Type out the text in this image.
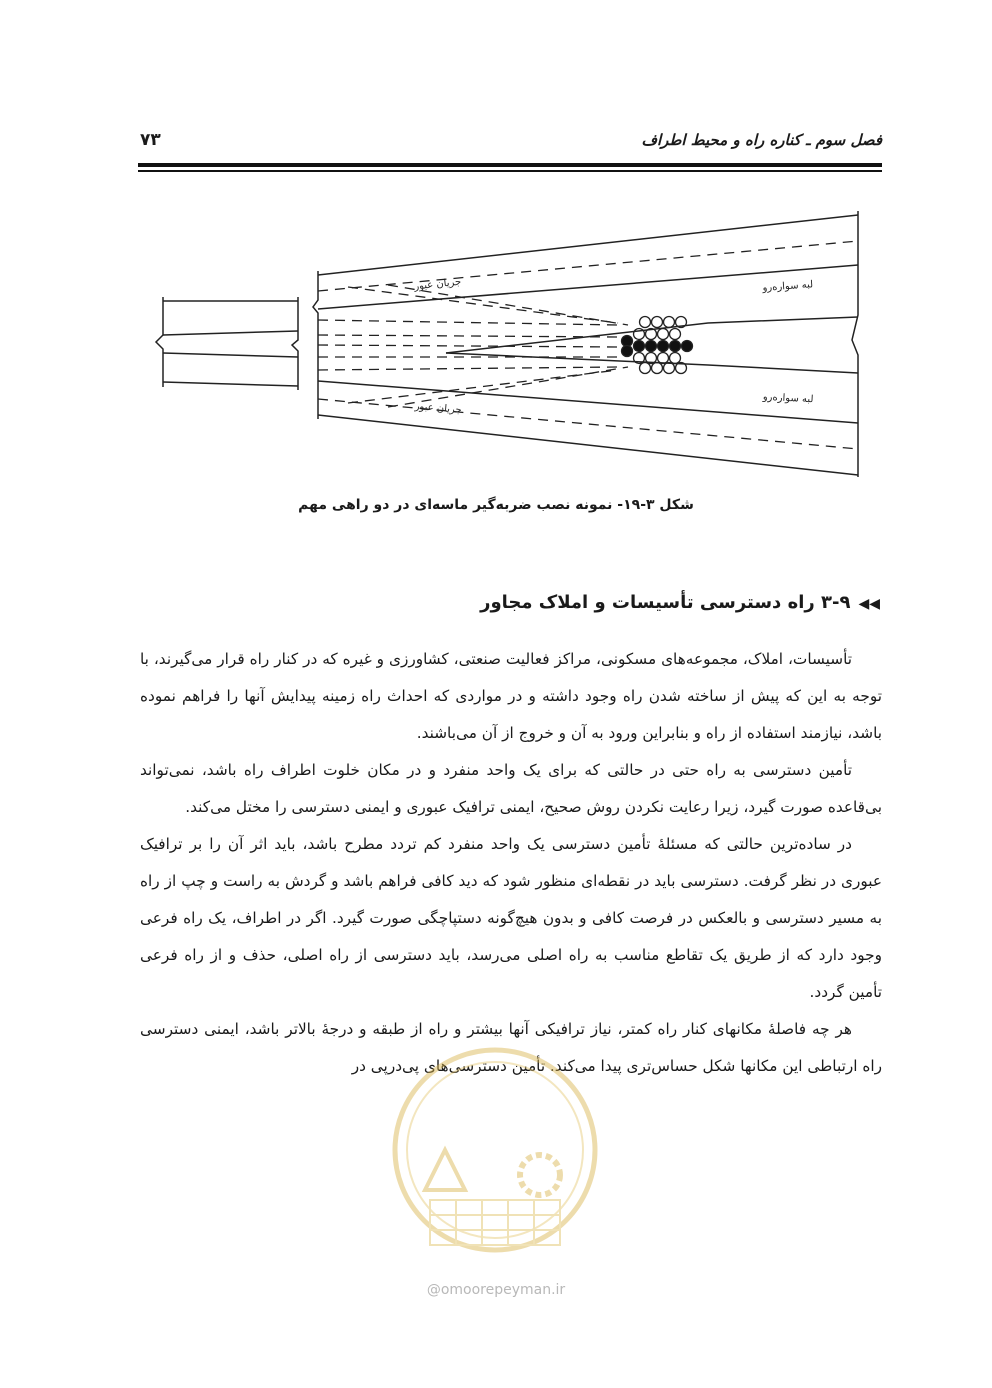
فصل سوم ـ کناره راه و محیط اطراف
۷۳
جریان عبور
جریان عبور
لبه سواره‌رو
لبه سواره‌رو
شکل ۳-۱۹- نمونه نصب ضربه‌گیر ماسه‌ای در دو راهی مهم
◀◀۳-۹ راه دسترسی تأسیسات و املاک مجاور

تأسیسات، املاک، مجموعه‌های مسکونی، مراکز فعالیت صنعتی، کشاورزی و غیره که در کنار راه قرار می‌گیرند، با توجه به این که پیش از ساخته شدن راه وجود داشته و در مواردی که احداث راه زمینه پیدایش آنها را فراهم نموده باشد، نیازمند استفاده از راه و بنابراین ورود به آن و خروج از آن می‌باشند.

تأمین دسترسی به راه حتی در حالتی که برای یک واحد منفرد و در مکان خلوت اطراف راه باشد، نمی‌تواند بی‌قاعده صورت گیرد، زیرا رعایت نکردن روش صحیح، ایمنی ترافیک عبوری و ایمنی دسترسی را مختل می‌کند.

در ساده‌ترین حالتی که مسئلهٔ تأمین دسترسی یک واحد منفرد کم تردد مطرح باشد، باید اثر آن را بر ترافیک عبوری در نظر گرفت. دسترسی باید در نقطه‌ای منظور شود که دید کافی فراهم باشد و گردش به راست و چپ از راه به مسیر دسترسی و بالعکس در فرصت کافی و بدون هیچ‌گونه دستپاچگی صورت گیرد. اگر در اطراف، یک راه فرعی وجود دارد که از طریق یک تقاطع مناسب به راه اصلی می‌رسد، باید دسترسی از راه اصلی، حذف و از راه فرعی تأمین گردد.

هر چه فاصلهٔ مکانهای کنار راه کمتر، نیاز ترافیکی آنها بیشتر و راه از طبقه و درجهٔ بالاتر باشد، ایمنی دسترسی راه ارتباطی این مکانها شکل حساس‌تری پیدا می‌کند. تأمین دسترسی‌های پی‌درپی در

@omoorepeyman.ir
